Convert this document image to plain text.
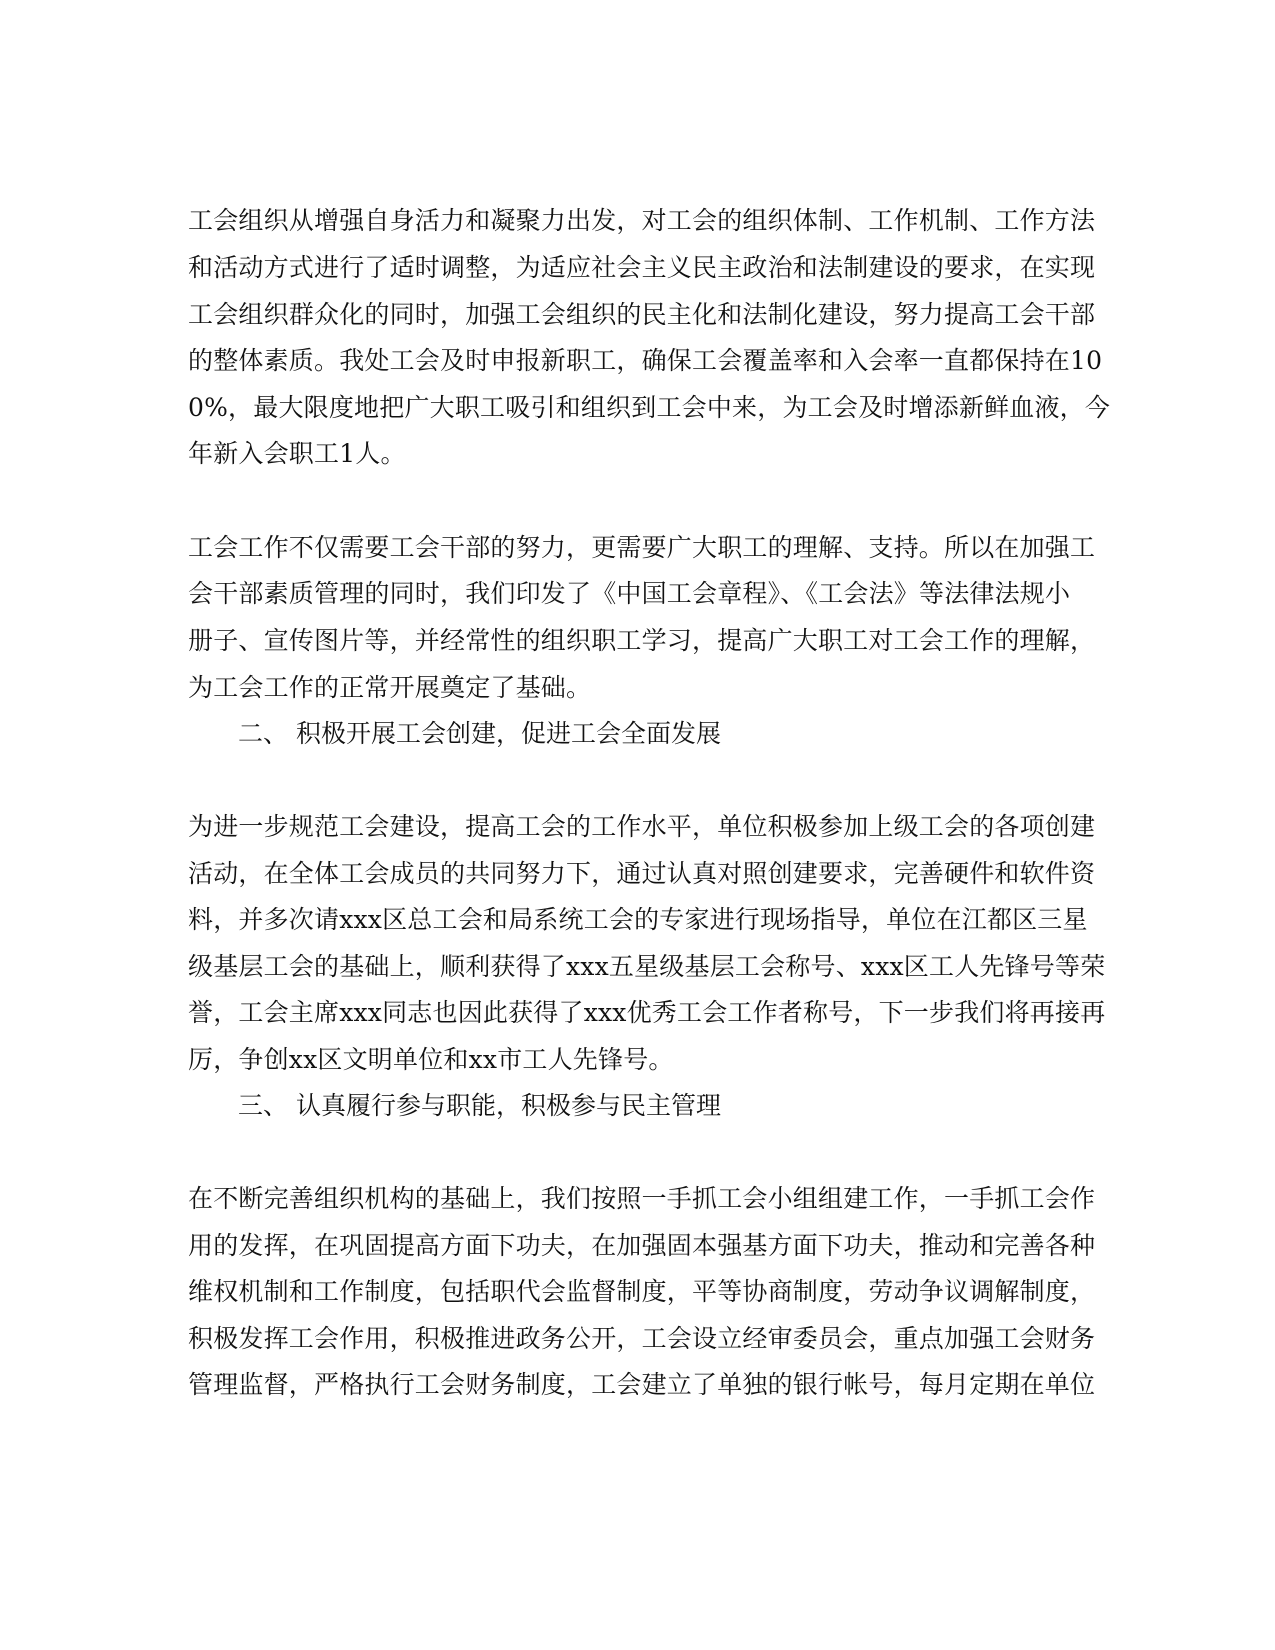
工会组织从增强自身活力和凝聚力出发，对工会的组织体制、工作机制、工作方法
和活动方式进行了适时调整，为适应社会主义民主政治和法制建设的要求，在实现
工会组织群众化的同时，加强工会组织的民主化和法制化建设，努力提高工会干部
的整体素质。我处工会及时申报新职工，确保工会覆盖率和入会率一直都保持在10
0%，最大限度地把广大职工吸引和组织到工会中来，为工会及时增添新鲜血液，今
年新入会职工1人。
工会工作不仅需要工会干部的努力，更需要广大职工的理解、支持。所以在加强工
会干部素质管理的同时，我们印发了《中国工会章程》、《工会法》等法律法规小
册子、宣传图片等，并经常性的组织职工学习，提高广大职工对工会工作的理解，
为工会工作的正常开展奠定了基础。
二、 积极开展工会创建，促进工会全面发展
为进一步规范工会建设，提高工会的工作水平，单位积极参加上级工会的各项创建
活动，在全体工会成员的共同努力下，通过认真对照创建要求，完善硬件和软件资
料，并多次请xxx区总工会和局系统工会的专家进行现场指导，单位在江都区三星
级基层工会的基础上，顺利获得了xxx五星级基层工会称号、xxx区工人先锋号等荣
誉，工会主席xxx同志也因此获得了xxx优秀工会工作者称号，下一步我们将再接再
厉，争创xx区文明单位和xx市工人先锋号。
三、 认真履行参与职能，积极参与民主管理
在不断完善组织机构的基础上，我们按照一手抓工会小组组建工作，一手抓工会作
用的发挥，在巩固提高方面下功夫，在加强固本强基方面下功夫，推动和完善各种
维权机制和工作制度，包括职代会监督制度，平等协商制度，劳动争议调解制度，
积极发挥工会作用，积极推进政务公开，工会设立经审委员会，重点加强工会财务
管理监督，严格执行工会财务制度，工会建立了单独的银行帐号，每月定期在单位
